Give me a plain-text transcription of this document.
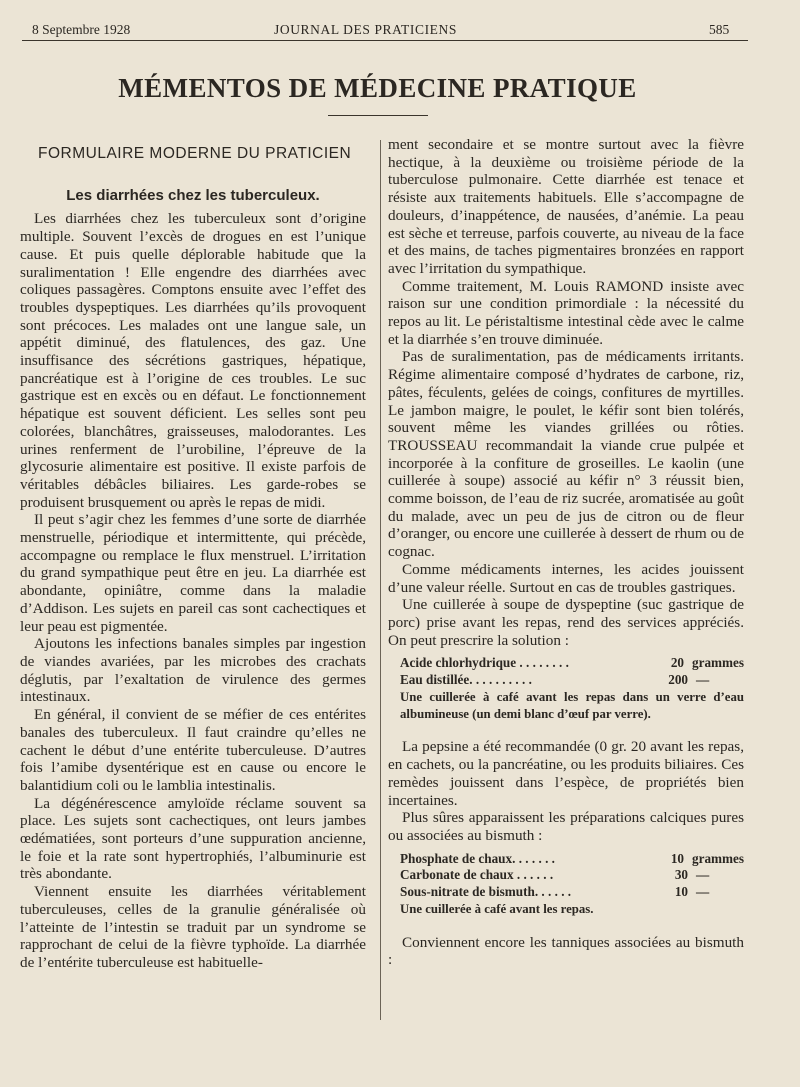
8 Septembre 1928	JOURNAL DES PRATICIENS	585
MÉMENTOS DE MÉDECINE PRATIQUE
FORMULAIRE MODERNE DU PRATICIEN
Les diarrhées chez les tuberculeux.

Les diarrhées chez les tuberculeux sont d’origine multiple. Souvent l’excès de drogues en est l’unique cause. Et puis quelle déplorable habitude que la suralimentation ! Elle engendre des diarrhées avec coliques passagères. Comptons ensuite avec l’effet des troubles dyspeptiques. Les diarrhées qu’ils provoquent sont précoces. Les malades ont une langue sale, un appétit diminué, des flatulences, des gaz. Une insuffisance des sécrétions gastriques, hépatique, pancréatique est à l’origine de ces troubles. Le suc gastrique est en excès ou en défaut. Le fonctionnement hépatique est souvent déficient. Les selles sont peu colorées, blanchâtres, graisseuses, malodorantes. Les urines renferment de l’urobiline, l’épreuve de la glycosurie alimentaire est positive. Il existe parfois de véritables débâcles biliaires. Les garde-robes se produisent brusquement ou après le repas de midi.

Il peut s’agir chez les femmes d’une sorte de diarrhée menstruelle, périodique et intermittente, qui précède, accompagne ou remplace le flux menstruel. L’irritation du grand sympathique peut être en jeu. La diarrhée est abondante, opiniâtre, comme dans la maladie d’Addison. Les sujets en pareil cas sont cachectiques et leur peau est pigmentée.

Ajoutons les infections banales simples par ingestion de viandes avariées, par les microbes des crachats déglutis, par l’exaltation de virulence des germes intestinaux.

En général, il convient de se méfier de ces entérites banales des tuberculeux. Il faut craindre qu’elles ne cachent le début d’une entérite tuberculeuse. D’autres fois l’amibe dysentérique est en cause ou encore le balantidium coli ou le lamblia intestinalis.

La dégénérescence amyloïde réclame souvent sa place. Les sujets sont cachectiques, ont leurs jambes œdématiées, sont porteurs d’une suppuration ancienne, le foie et la rate sont hypertrophiés, l’albuminurie est très abondante.

Viennent ensuite les diarrhées véritablement tuberculeuses, celles de la granulie généralisée où l’atteinte de l’intestin se traduit par un syndrome se rapprochant de celui de la fièvre typhoïde. La diarrhée de l’entérite tuberculeuse est habituelle-

ment secondaire et se montre surtout avec la fièvre hectique, à la deuxième ou troisième période de la tuberculose pulmonaire. Cette diarrhée est tenace et résiste aux traitements habituels. Elle s’accompagne de douleurs, d’inappétence, de nausées, d’anémie. La peau est sèche et terreuse, parfois couverte, au niveau de la face et des mains, de taches pigmentaires bronzées en rapport avec l’irritation du sympathique.

Comme traitement, M. Louis RAMOND insiste avec raison sur une condition primordiale : la nécessité du repos au lit. Le péristaltisme intestinal cède avec le calme et la diarrhée s’en trouve diminuée.

Pas de suralimentation, pas de médicaments irritants. Régime alimentaire composé d’hydrates de carbone, riz, pâtes, féculents, gelées de coings, confitures de myrtilles. Le jambon maigre, le poulet, le kéfir sont bien tolérés, souvent même les viandes grillées ou rôties. TROUSSEAU recommandait la viande crue pulpée et incorporée à la confiture de groseilles. Le kaolin (une cuillerée à soupe) associé au kéfir n° 3 réussit bien, comme boisson, de l’eau de riz sucrée, aromatisée au goût du malade, avec un peu de jus de citron ou de fleur d’oranger, ou encore une cuillerée à dessert de rhum ou de cognac.

Comme médicaments internes, les acides jouissent d’une valeur réelle. Surtout en cas de troubles gastriques.

Une cuillerée à soupe de dyspeptine (suc gastrique de porc) prise avant les repas, rend des services appréciés. On peut prescrire la solution :

Acide chlorhydrique . . . . . . . .	20 grammes
Eau distillée. . . . . . . . . .	200 —
Une cuillerée à café avant les repas dans un verre d’eau albumineuse (un demi blanc d’œuf par verre).

La pepsine a été recommandée (0 gr. 20 avant les repas, en cachets, ou la pancréatine, ou les produits biliaires. Ces remèdes jouissent dans l’espèce, de propriétés bien incertaines.

Plus sûres apparaissent les préparations calciques pures ou associées au bismuth :

Phosphate de chaux. . . . . . .	10 grammes
Carbonate de chaux . . . . . .	30 —
Sous-nitrate de bismuth. . . . . .	10 —
Une cuillerée à café avant les repas.

Conviennent encore les tanniques associées au bismuth :
